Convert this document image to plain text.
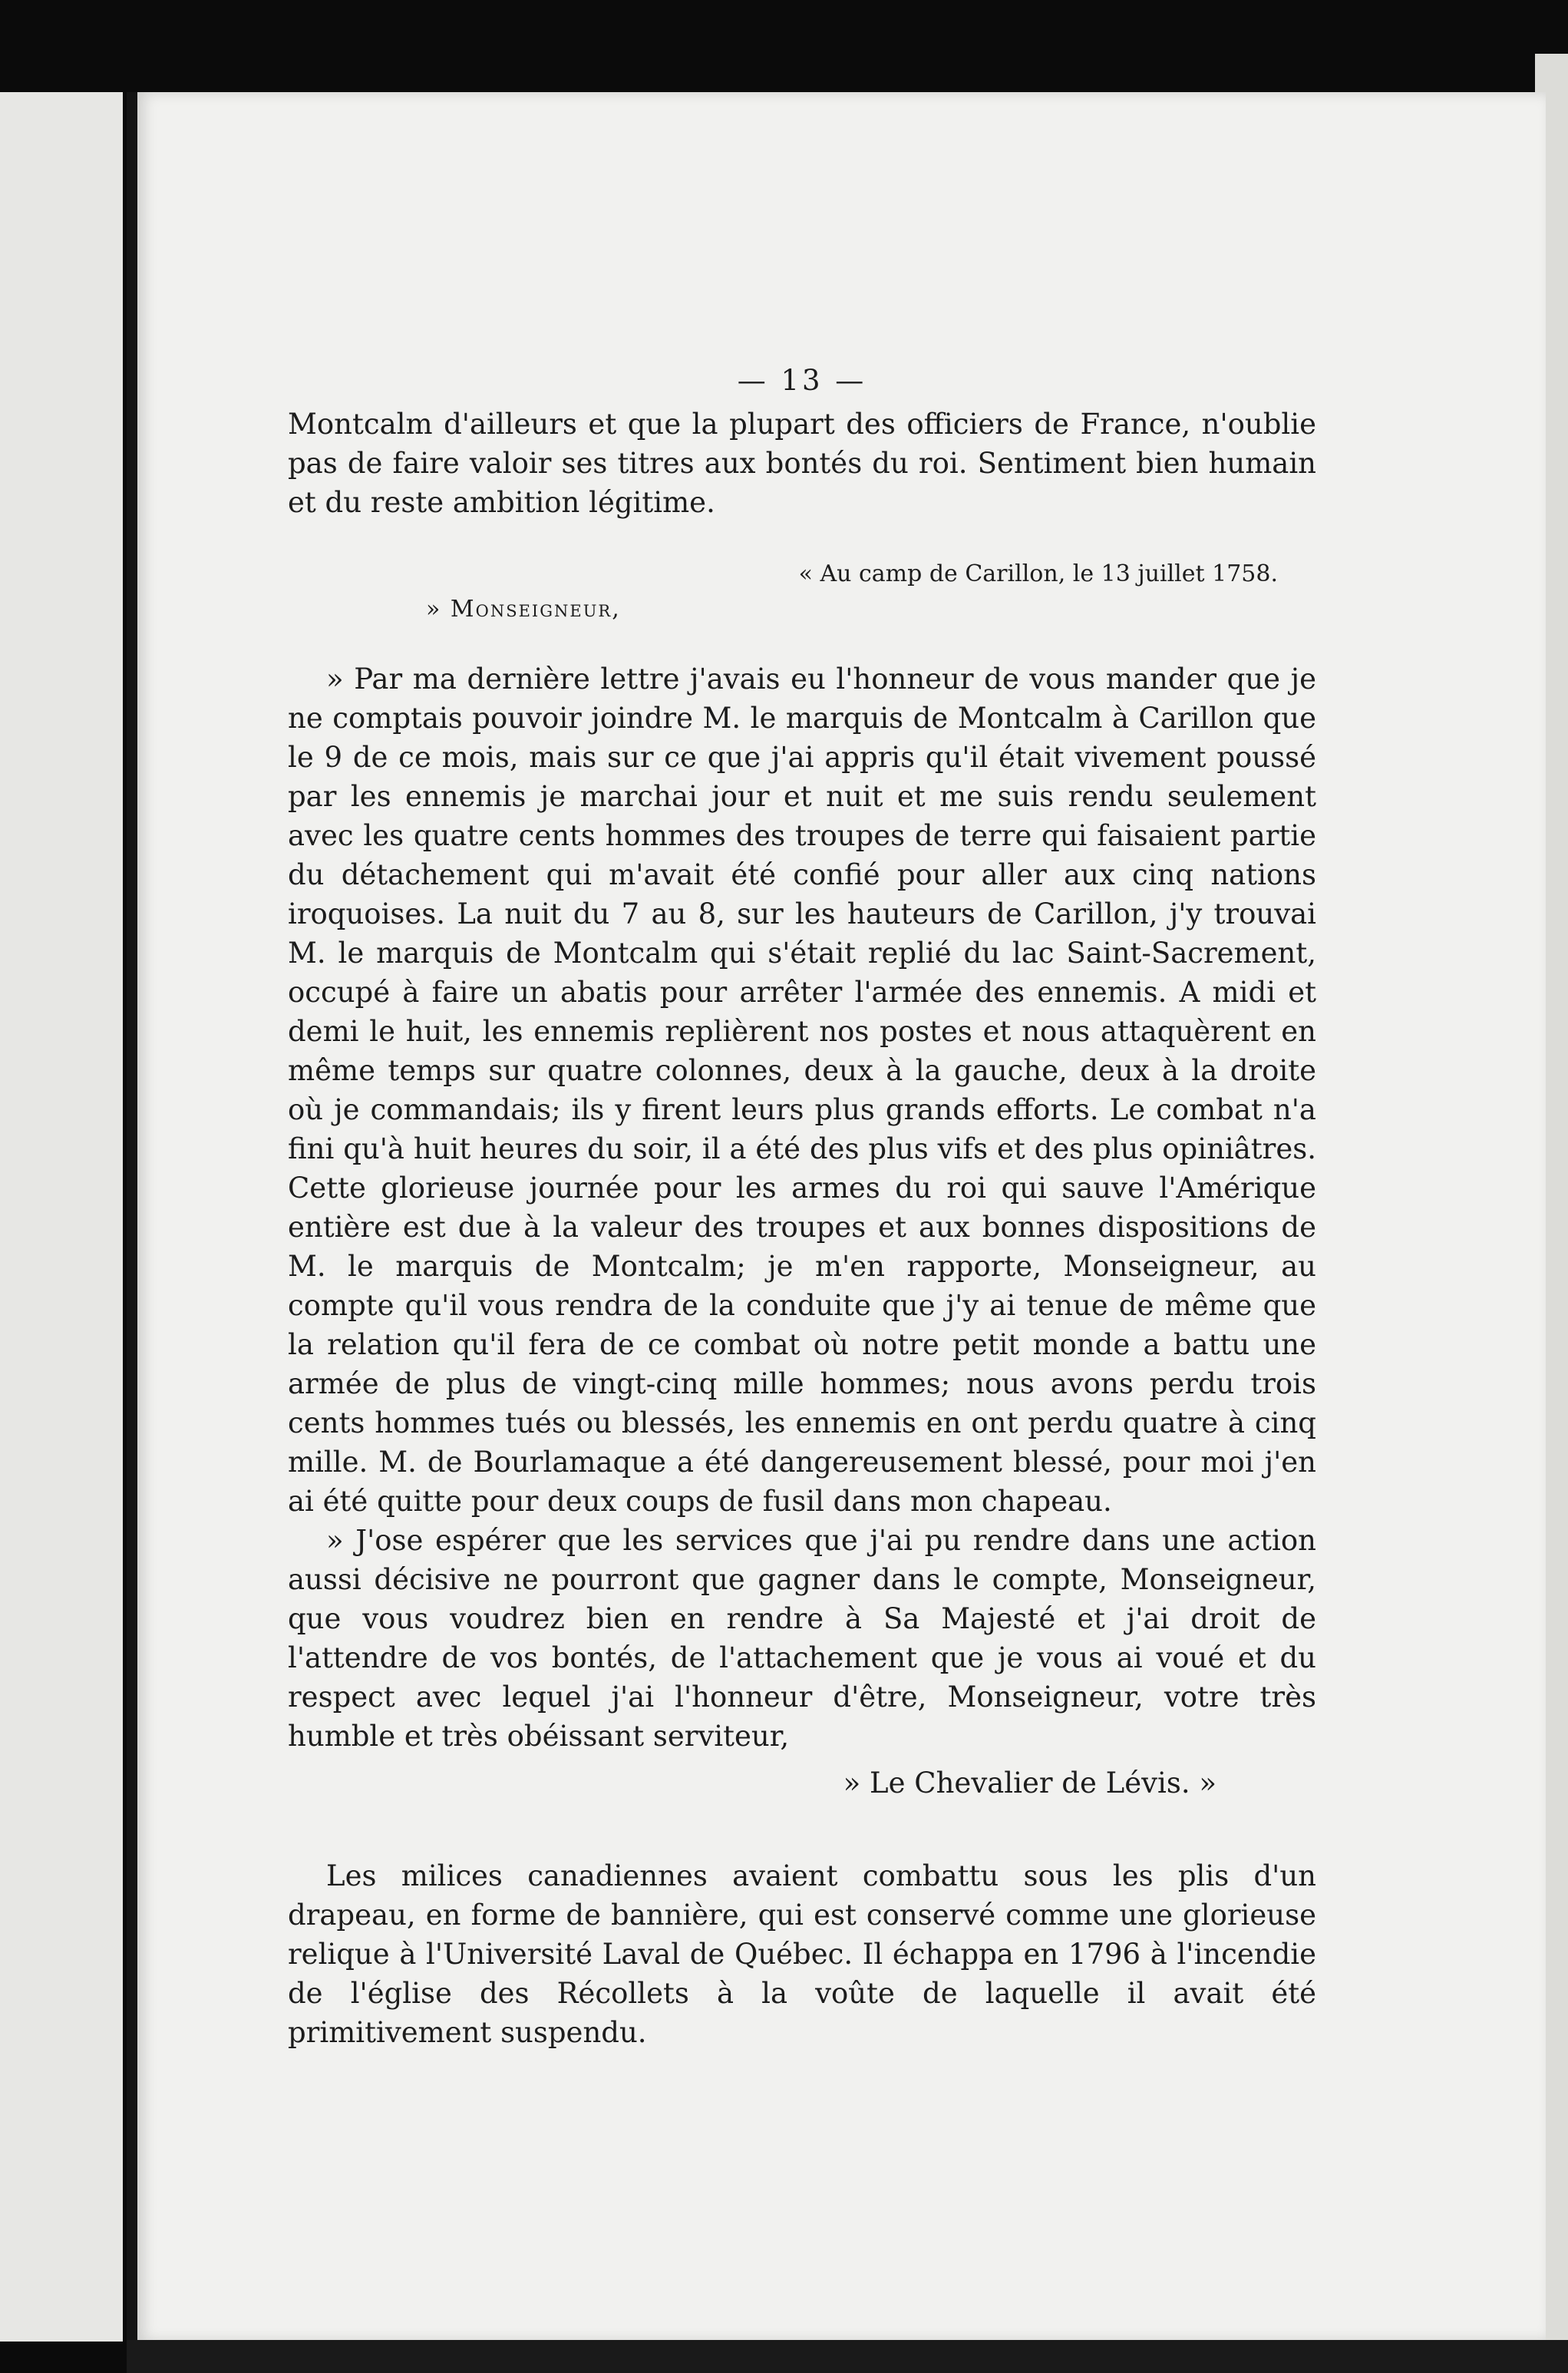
— 13 —

Montcalm d'ailleurs et que la plupart des officiers de France, n'oublie pas de faire valoir ses titres aux bontés du roi. Sentiment bien humain et du reste ambition légitime.

« Au camp de Carillon, le 13 juillet 1758.
» Monseigneur,

» Par ma dernière lettre j'avais eu l'honneur de vous mander que je ne comptais pouvoir joindre M. le marquis de Montcalm à Carillon que le 9 de ce mois, mais sur ce que j'ai appris qu'il était vivement poussé par les ennemis je marchai jour et nuit et me suis rendu seulement avec les quatre cents hommes des troupes de terre qui faisaient partie du détachement qui m'avait été confié pour aller aux cinq nations iroquoises. La nuit du 7 au 8, sur les hauteurs de Carillon, j'y trouvai M. le marquis de Montcalm qui s'était replié du lac Saint-Sacrement, occupé à faire un abatis pour arrêter l'armée des ennemis. A midi et demi le huit, les ennemis replièrent nos postes et nous attaquèrent en même temps sur quatre colonnes, deux à la gauche, deux à la droite où je commandais; ils y firent leurs plus grands efforts. Le combat n'a fini qu'à huit heures du soir, il a été des plus vifs et des plus opiniâtres. Cette glorieuse journée pour les armes du roi qui sauve l'Amérique entière est due à la valeur des troupes et aux bonnes dispositions de M. le marquis de Montcalm; je m'en rapporte, Monseigneur, au compte qu'il vous rendra de la conduite que j'y ai tenue de même que la relation qu'il fera de ce combat où notre petit monde a battu une armée de plus de vingt-cinq mille hommes; nous avons perdu trois cents hommes tués ou blessés, les ennemis en ont perdu quatre à cinq mille. M. de Bourlamaque a été dangereusement blessé, pour moi j'en ai été quitte pour deux coups de fusil dans mon chapeau.

» J'ose espérer que les services que j'ai pu rendre dans une action aussi décisive ne pourront que gagner dans le compte, Monseigneur, que vous voudrez bien en rendre à Sa Majesté et j'ai droit de l'attendre de vos bontés, de l'attachement que je vous ai voué et du respect avec lequel j'ai l'honneur d'être, Monseigneur, votre très humble et très obéissant serviteur,

» Le Chevalier de Lévis. »

Les milices canadiennes avaient combattu sous les plis d'un drapeau, en forme de bannière, qui est conservé comme une glorieuse relique à l'Université Laval de Québec. Il échappa en 1796 à l'incendie de l'église des Récollets à la voûte de laquelle il avait été primitivement suspendu.
